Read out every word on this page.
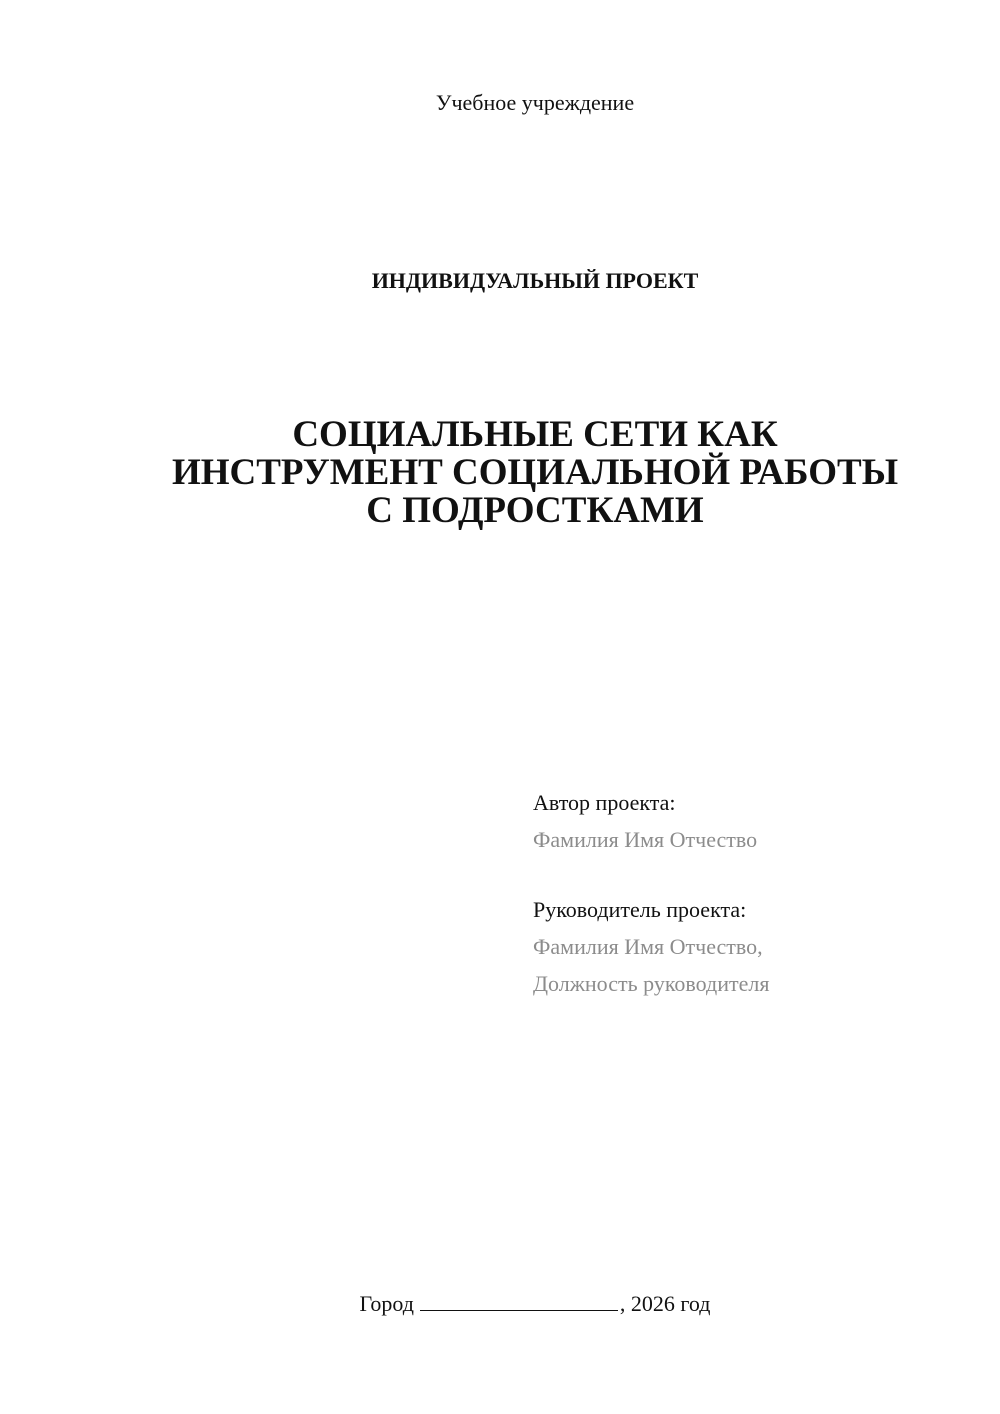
Учебное учреждение
ИНДИВИДУАЛЬНЫЙ ПРОЕКТ
СОЦИАЛЬНЫЕ СЕТИ КАК
ИНСТРУМЕНТ СОЦИАЛЬНОЙ РАБОТЫ
С ПОДРОСТКАМИ
Автор проекта:
Фамилия Имя Отчество
Руководитель проекта:
Фамилия Имя Отчество,
Должность руководителя
Город	, 2026 год
